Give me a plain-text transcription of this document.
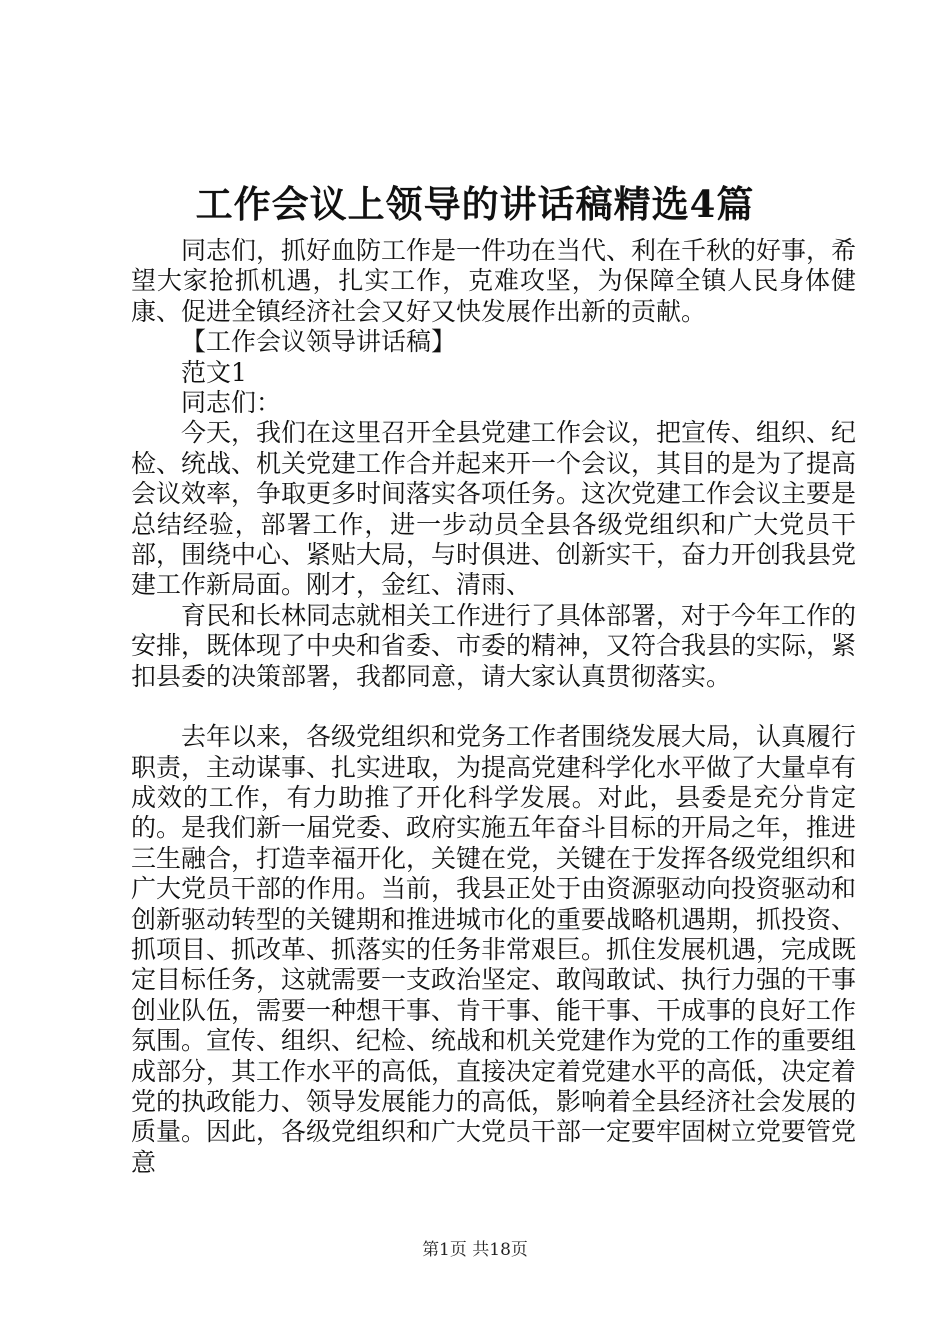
工作会议上领导的讲话稿精选4篇

同志们，抓好血防工作是一件功在当代、利在千秋的好事，希望大家抢抓机遇，扎实工作，克难攻坚，为保障全镇人民身体健康、促进全镇经济社会又好又快发展作出新的贡献。

【工作会议领导讲话稿】

范文1

同志们：

今天，我们在这里召开全县党建工作会议，把宣传、组织、纪检、统战、机关党建工作合并起来开一个会议，其目的是为了提高会议效率，争取更多时间落实各项任务。这次党建工作会议主要是总结经验，部署工作，进一步动员全县各级党组织和广大党员干部，围绕中心、紧贴大局，与时俱进、创新实干，奋力开创我县党建工作新局面。刚才，金红、清雨、

育民和长林同志就相关工作进行了具体部署，对于今年工作的安排，既体现了中央和省委、市委的精神，又符合我县的实际，紧扣县委的决策部署，我都同意，请大家认真贯彻落实。

去年以来，各级党组织和党务工作者围绕发展大局，认真履行职责，主动谋事、扎实进取，为提高党建科学化水平做了大量卓有成效的工作，有力助推了开化科学发展。对此，县委是充分肯定的。是我们新一届党委、政府实施五年奋斗目标的开局之年，推进三生融合，打造幸福开化，关键在党，关键在于发挥各级党组织和广大党员干部的作用。当前，我县正处于由资源驱动向投资驱动和创新驱动转型的关键期和推进城市化的重要战略机遇期，抓投资、抓项目、抓改革、抓落实的任务非常艰巨。抓住发展机遇，完成既定目标任务，这就需要一支政治坚定、敢闯敢试、执行力强的干事创业队伍，需要一种想干事、肯干事、能干事、干成事的良好工作氛围。宣传、组织、纪检、统战和机关党建作为党的工作的重要组成部分，其工作水平的高低，直接决定着党建水平的高低，决定着党的执政能力、领导发展能力的高低，影响着全县经济社会发展的质量。因此，各级党组织和广大党员干部一定要牢固树立党要管党意

第1页 共18页
